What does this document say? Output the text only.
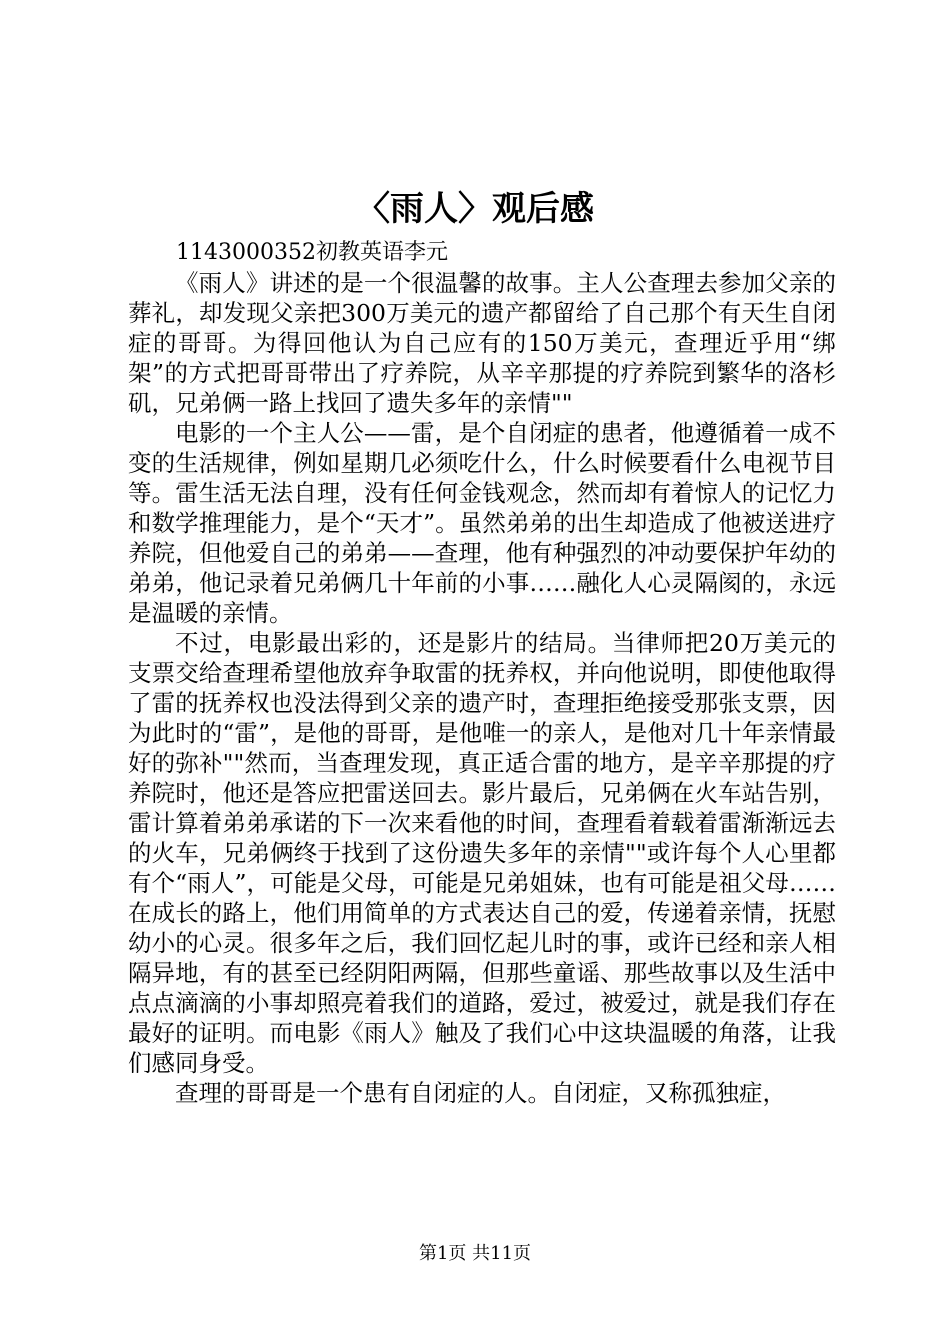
〈雨人〉观后感
1143000352初教英语李元

《雨人》讲述的是一个很温馨的故事。主人公查理去参加父亲的葬礼，却发现父亲把300万美元的遗产都留给了自己那个有天生自闭症的哥哥。为得回他认为自己应有的150万美元，查理近乎用“绑架”的方式把哥哥带出了疗养院，从辛辛那提的疗养院到繁华的洛杉矶，兄弟俩一路上找回了遗失多年的亲情""

电影的一个主人公——雷，是个自闭症的患者，他遵循着一成不变的生活规律，例如星期几必须吃什么，什么时候要看什么电视节目等。雷生活无法自理，没有任何金钱观念，然而却有着惊人的记忆力和数学推理能力，是个“天才”。虽然弟弟的出生却造成了他被送进疗养院，但他爱自己的弟弟——查理，他有种强烈的冲动要保护年幼的弟弟，他记录着兄弟俩几十年前的小事……融化人心灵隔阂的，永远是温暖的亲情。

不过，电影最出彩的，还是影片的结局。当律师把20万美元的支票交给查理希望他放弃争取雷的抚养权，并向他说明，即使他取得了雷的抚养权也没法得到父亲的遗产时，查理拒绝接受那张支票，因为此时的“雷”，是他的哥哥，是他唯一的亲人，是他对几十年亲情最好的弥补""然而，当查理发现，真正适合雷的地方，是辛辛那提的疗养院时，他还是答应把雷送回去。影片最后，兄弟俩在火车站告别，雷计算着弟弟承诺的下一次来看他的时间，查理看着载着雷渐渐远去的火车，兄弟俩终于找到了这份遗失多年的亲情""或许每个人心里都有个“雨人”，可能是父母，可能是兄弟姐妹，也有可能是祖父母……在成长的路上，他们用简单的方式表达自己的爱，传递着亲情，抚慰幼小的心灵。很多年之后，我们回忆起儿时的事，或许已经和亲人相隔异地，有的甚至已经阴阳两隔，但那些童谣、那些故事以及生活中点点滴滴的小事却照亮着我们的道路，爱过，被爱过，就是我们存在最好的证明。而电影《雨人》触及了我们心中这块温暖的角落，让我们感同身受。

查理的哥哥是一个患有自闭症的人。自闭症，又称孤独症，

第1页 共11页
